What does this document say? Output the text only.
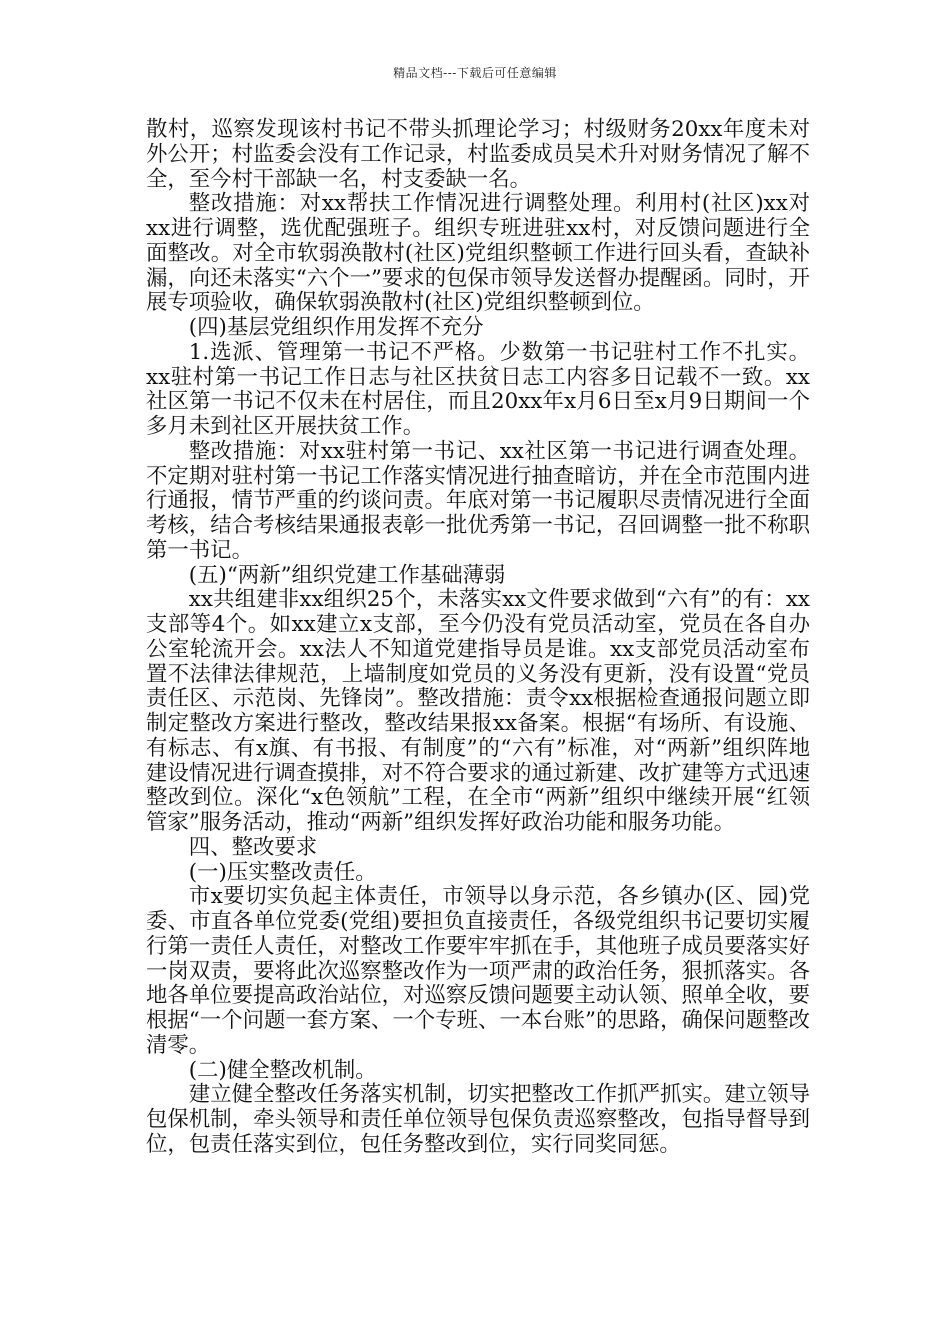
精品文档---下载后可任意编辑

散村，巡察发现该村书记不带头抓理论学习；村级财务20xx年度未对外公开；村监委会没有工作记录，村监委成员吴术升对财务情况了解不全，至今村干部缺一名，村支委缺一名。

整改措施：对xx帮扶工作情况进行调整处理。利用村(社区)xx对xx进行调整，选优配强班子。组织专班进驻xx村，对反馈问题进行全面整改。对全市软弱涣散村(社区)党组织整顿工作进行回头看，查缺补漏，向还未落实“六个一”要求的包保市领导发送督办提醒函。同时，开展专项验收，确保软弱涣散村(社区)党组织整顿到位。

(四)基层党组织作用发挥不充分

1.选派、管理第一书记不严格。少数第一书记驻村工作不扎实。xx驻村第一书记工作日志与社区扶贫日志工内容多日记载不一致。xx社区第一书记不仅未在村居住，而且20xx年x月6日至x月9日期间一个多月未到社区开展扶贫工作。

整改措施：对xx驻村第一书记、xx社区第一书记进行调查处理。不定期对驻村第一书记工作落实情况进行抽查暗访，并在全市范围内进行通报，情节严重的约谈问责。年底对第一书记履职尽责情况进行全面考核，结合考核结果通报表彰一批优秀第一书记，召回调整一批不称职第一书记。

(五)“两新”组织党建工作基础薄弱

xx共组建非xx组织25个，未落实xx文件要求做到“六有”的有：xx支部等4个。如xx建立x支部，至今仍没有党员活动室，党员在各自办公室轮流开会。xx法人不知道党建指导员是谁。xx支部党员活动室布置不法律法律规范，上墙制度如党员的义务没有更新，没有设置“党员责任区、示范岗、先锋岗”。整改措施：责令xx根据检查通报问题立即制定整改方案进行整改，整改结果报xx备案。根据“有场所、有设施、有标志、有x旗、有书报、有制度”的“六有”标准，对“两新”组织阵地建设情况进行调查摸排，对不符合要求的通过新建、改扩建等方式迅速整改到位。深化“x色领航”工程，在全市“两新”组织中继续开展“红领管家”服务活动，推动“两新”组织发挥好政治功能和服务功能。

四、整改要求

(一)压实整改责任。

市x要切实负起主体责任，市领导以身示范，各乡镇办(区、园)党委、市直各单位党委(党组)要担负直接责任，各级党组织书记要切实履行第一责任人责任，对整改工作要牢牢抓在手，其他班子成员要落实好一岗双责，要将此次巡察整改作为一项严肃的政治任务，狠抓落实。各地各单位要提高政治站位，对巡察反馈问题要主动认领、照单全收，要根据“一个问题一套方案、一个专班、一本台账”的思路，确保问题整改清零。

(二)健全整改机制。

建立健全整改任务落实机制，切实把整改工作抓严抓实。建立领导包保机制，牵头领导和责任单位领导包保负责巡察整改，包指导督导到位，包责任落实到位，包任务整改到位，实行同奖同惩。
